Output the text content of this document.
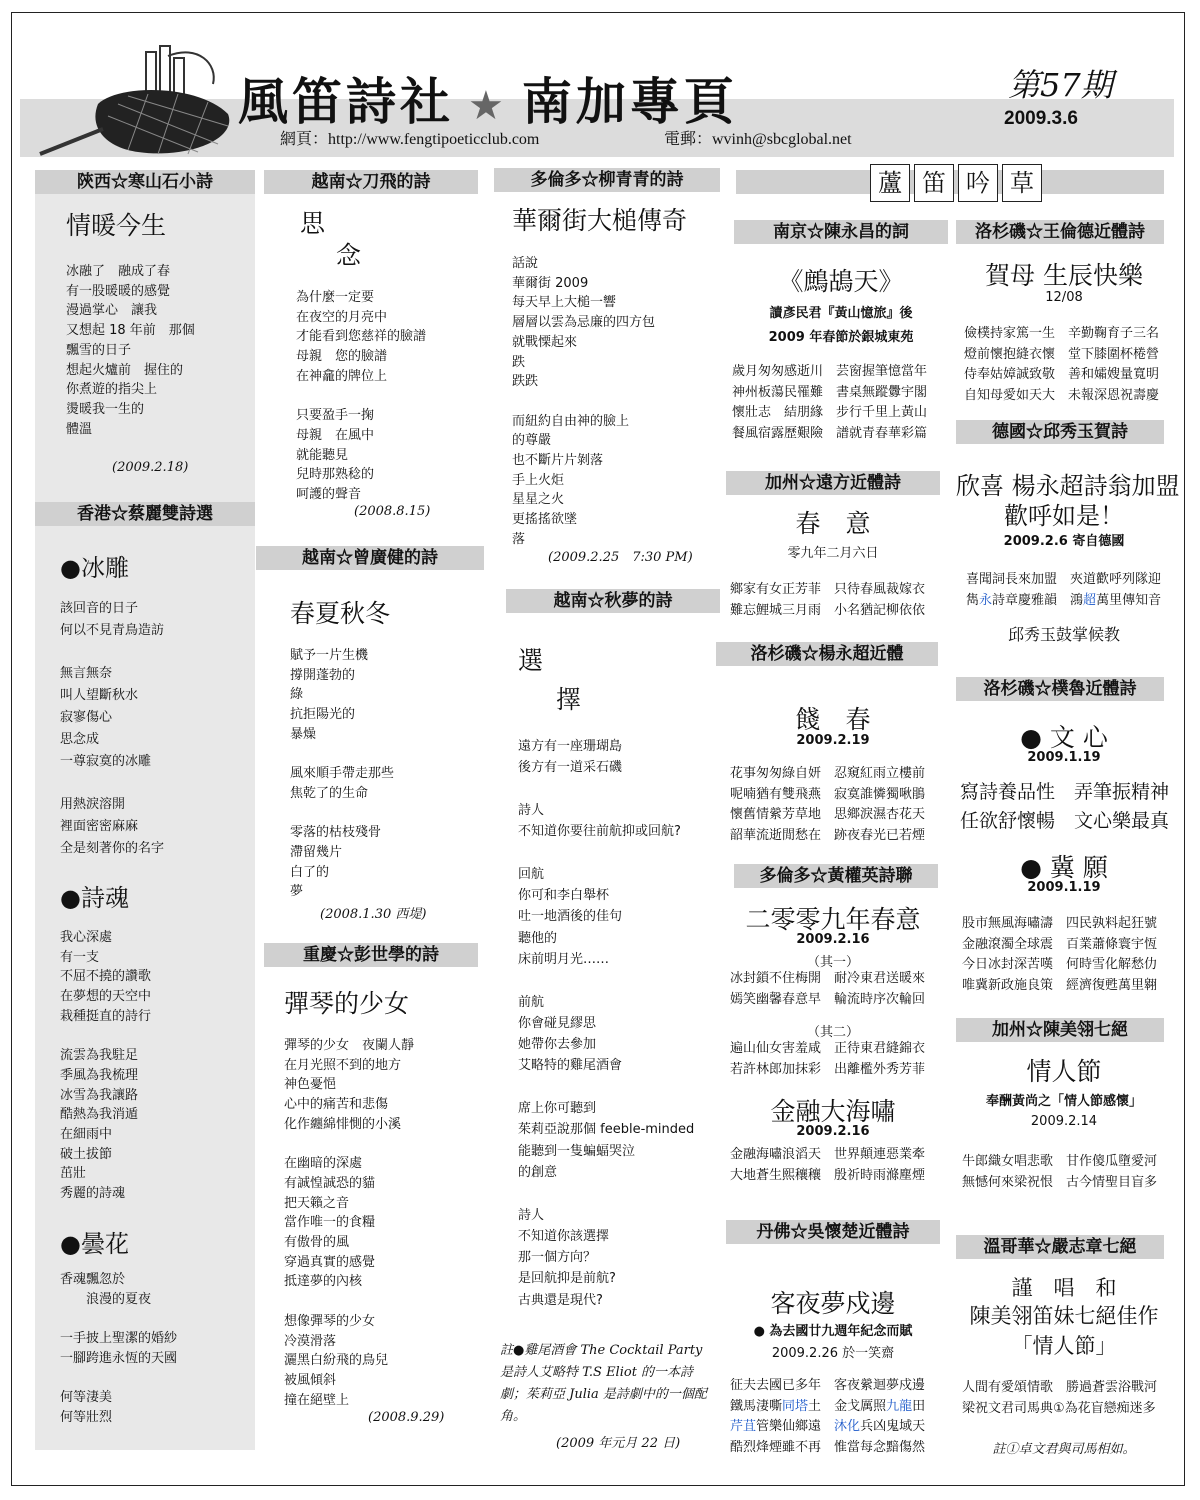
風笛詩社 ★ 南加專頁	第57期
2009.3.6
網頁：http://www.fengtipoeticclub.com	電郵：wvinh@sbcglobal.net
陝西☆寒山石小詩
情暖今生
冰融了　融成了春
有一股暖暖的感覺
漫過掌心　讓我
又想起 18 年前　那個
飄雪的日子
想起火爐前　握住的
你煮遊的指尖上
燙暖我一生的
體溫
(2009.2.18)
香港☆蔡麗雙詩選
●冰雕
該回音的日子
何以不見青鳥造訪

無言無奈
叫人望斷秋水
寂寥傷心
思念成
一尊寂寞的冰雕

用熱淚溶開
裡面密密麻麻
全是刻著你的名字
●詩魂
我心深處
有一支
不屈不撓的讚歌
在夢想的天空中
栽種挺直的詩行

流雲為我駐足
季風為我梳理
冰雪為我讓路
酷熱為我消遁
在細雨中
破土拔節
茁壯
秀麗的詩魂
●曇花
香魂飄忽於
　　浪漫的夏夜

一手披上聖潔的婚紗
一腳跨進永恆的天國

何等淒美
何等壯烈
越南☆刀飛的詩
思
念
為什麼一定要
在夜空的月亮中
才能看到您慈祥的臉譜
母親　您的臉譜
在神龕的牌位上

只要盈手一掬
母親　在風中
就能聽見
兒時那熟稔的
呵護的聲音
(2008.8.15)
越南☆曾廣健的詩
春夏秋冬
賦予一片生機
撐開蓬勃的
綠
抗拒陽光的
暴燥

風來順手帶走那些
焦乾了的生命

零落的枯枝殘骨
滯留幾片
白了的
夢
(2008.1.30 西堤)
重慶☆彭世學的詩
彈琴的少女
彈琴的少女　夜闌人靜
在月光照不到的地方
神色憂悒
心中的痛苦和悲傷
化作纏綿悱惻的小溪

在幽暗的深處
有誠惶誠恐的貓
把天籟之音
當作唯一的食糧
有傲骨的風
穿過真實的感覺
抵達夢的內核

想像彈琴的少女
冷漠滑落
灑黑白紛飛的鳥兒
被風傾斜
撞在絕壁上
(2008.9.29)
多倫多☆柳青青的詩
華爾街大槌傳奇
話說
華爾街 2009
每天早上大槌一響
層層以雲為忌廉的四方包
就戰慄起來
跌
跌跌

而紐約自由神的臉上
的尊嚴
也不斷片片剝落
手上火炬
星星之火
更搖搖欲墜
落
(2009.2.25　7:30 PM)
越南☆秋夢的詩
選
擇
遠方有一座珊瑚島
後方有一道采石磯

詩人
不知道你要往前航抑或回航?

回航
你可和李白舉杯
吐一地酒後的佳句
聽他的
床前明月光……

前航
你會碰見繆思
她帶你去參加
艾略特的雞尾酒會

席上你可聽到
茱莉亞說那個 feeble-minded
能聽到一隻蝙蝠哭泣
的創意

詩人
不知道你該選擇
那一個方向？
是回航抑是前航?
古典還是現代?
註●雞尾酒會 The Cocktail Party 是詩人艾略特 T.S Eliot 的一本詩劇；茱莉亞 Julia 是詩劇中的一個配角。
(2009 年元月 22 日)
蘆 笛 吟 草
南京☆陳永昌的詞
《鷓鴣天》
讀彥民君『黃山憶旅』後
2009 年春節於銀城東苑
歲月匆匆感逝川　芸窗握筆憶當年
神州板蕩民罹難　書桌無蹤釁宇閣
懷壯志　結朋緣　步行千里上黃山
餐風宿露歷艱險　譜就青春華彩篇
加州☆遠方近體詩
春　意
零九年二月六日
鄉家有女正芳菲　只待春風裁嫁衣
難忘鯉城三月雨　小名猶記柳依依
洛杉磯☆楊永超近體
餞　春
2009.2.19
花事匆匆綠自妍　忍窺紅雨立樓前
呢喃猶有雙飛燕　寂寞誰憐獨啾鵑
懷舊情縈芳草地　思鄉淚濕杏花天
韶華流逝閒愁在　跡夜春光已若煙
多倫多☆黃權英詩聯
二零零九年春意
2009.2.16
（其一）
冰封鎖不住梅開　耐冷東君送暖來
嫣笑幽馨春意早　輪流時序次輪回
（其二）
遍山仙女害羞咸　正待東君縫錦衣
若許林郎加抹彩　出離檻外秀芳菲
金融大海嘯
2009.2.16
金融海嘯浪滔天　世界顛連惡業牽
大地蒼生熙穰穰　殷祈時雨滌塵煙
丹佛☆吳懷楚近體詩
客夜夢戍邊
● 為去國廿九週年紀念而賦
2009.2.26 於一笑齋
征夫去國已多年　 客夜縈迴夢戍邊
鐵馬淒嘶同塔土　 金戈厲照九龍田
芹苴管樂仙鄉遠　 沐化兵凶鬼域天
酷烈烽煙雖不再　 惟當每念黯傷然
洛杉磯☆王倫德近體詩
賀母 生辰快樂
12/08
儉樸持家篤一生　辛勤鞠育子三名
燈前懷抱縫衣懷　堂下膝圍杯棬營
侍奉姑嫜誠致敬　善和孀嫂量寬明
自知母愛如天大　未報深恩祝壽慶
德國☆邱秀玉賀詩
欣喜 楊永超詩翁加盟
歡呼如是！
2009.2.6 寄自德國
喜聞詞長來加盟　夾道歡呼列隊迎
雋永詩章慶雅韻　鴻超萬里傳知音
邱秀玉鼓掌候教
洛杉磯☆樸魯近體詩
● 文 心
2009.1.19
寫詩養品性　弄筆振精神
任欲舒懷暢　文心樂最真
● 冀 願
2009.1.19
股市無風海嘯濤　四民孰料起狂號
金融滾濁全球震　百業蕭條寰宇恆
今日冰封深苦嘆　何時雪化解愁仂
唯冀新政施良策　經濟復甦萬里翱
加州☆陳美翎七絕
情人節
奉酬黃尚之「情人節感懷」
2009.2.14
牛郎織女唱悲歌　甘作傻瓜墮愛河
無憾何來梁祝恨　古今情聖目盲多
溫哥華☆嚴志章七絕
謹　唱　和
陳美翎笛妹七絕佳作
「情人節」
人間有愛頌情歌　勝過蒼雲浴戰河
梁祝文君司馬典①為花盲戀痴迷多
註①卓文君與司馬相如。
